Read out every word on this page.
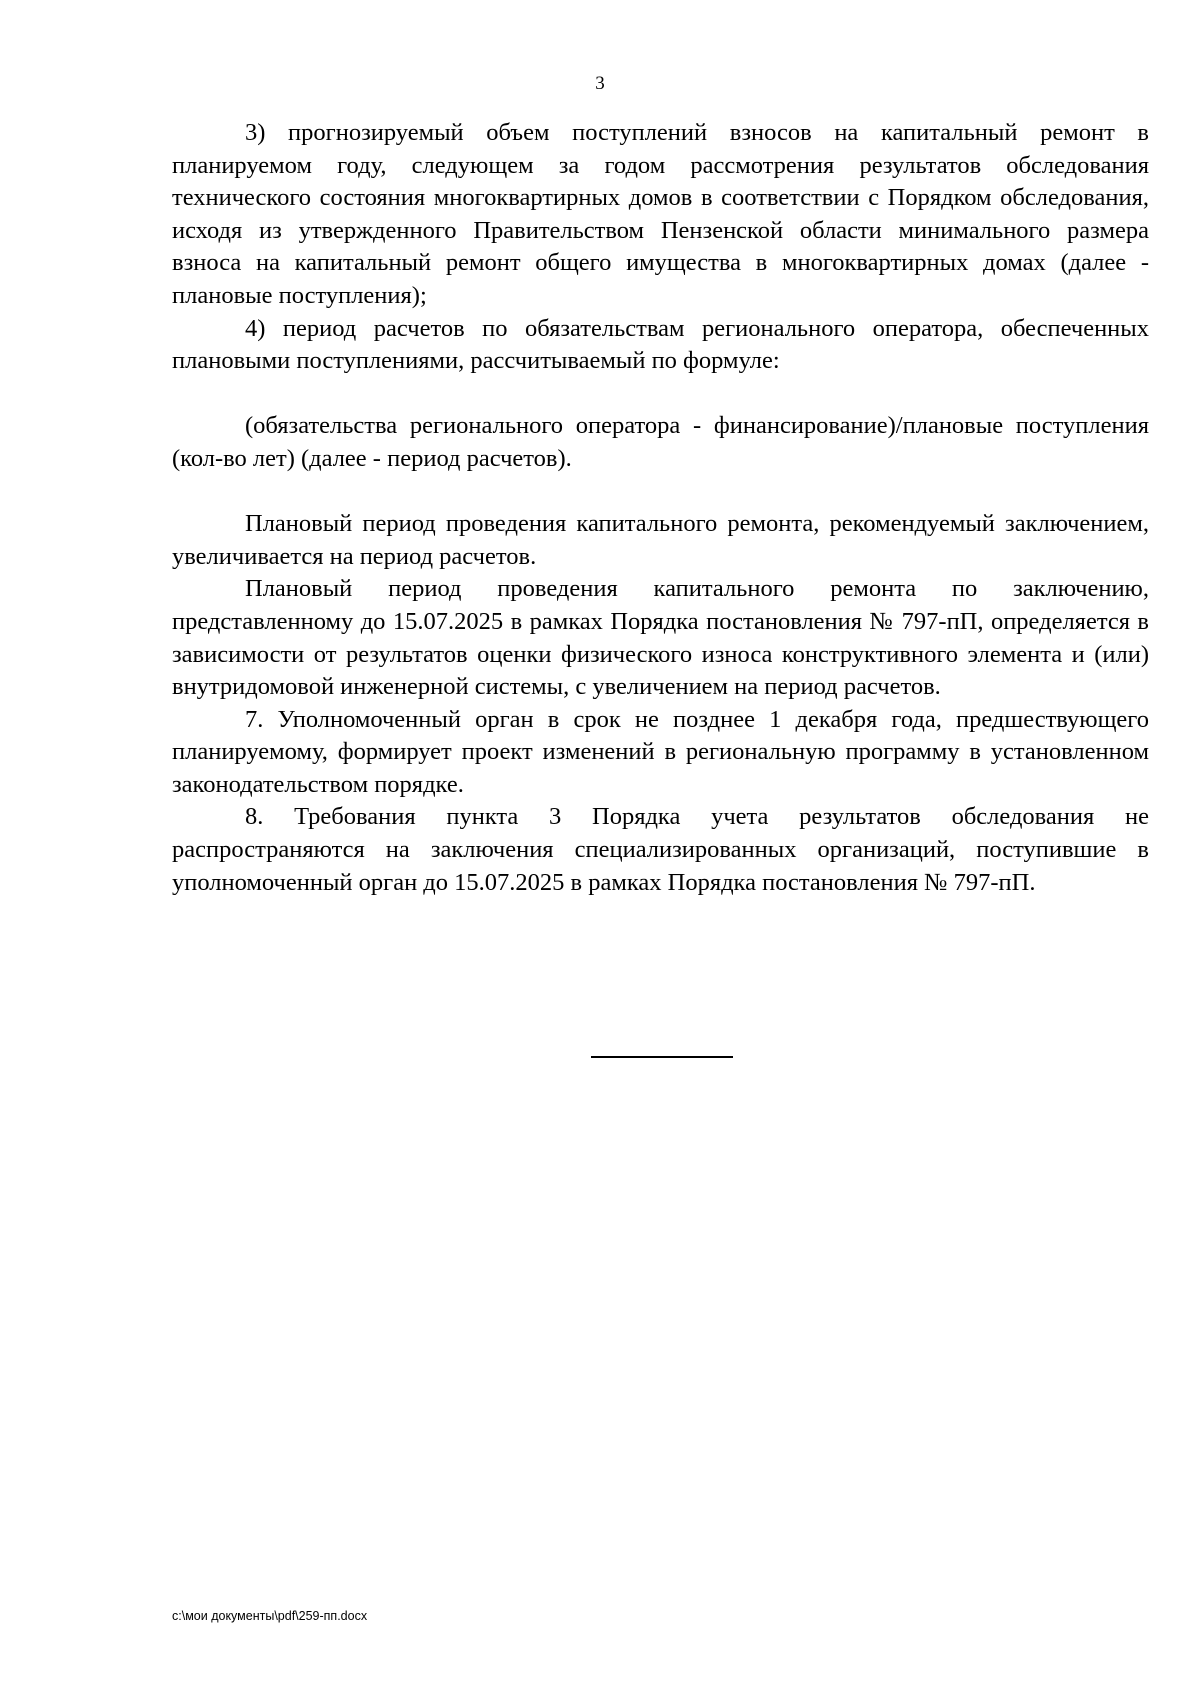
3

3) прогнозируемый объем поступлений взносов на капитальный ремонт в планируемом году, следующем за годом рассмотрения результатов обследования технического состояния многоквартирных домов в соответствии с Порядком обследования, исходя из утвержденного Правительством Пензенской области минимального размера взноса на капитальный ремонт общего имущества в многоквартирных домах (далее - плановые поступления);

4) период расчетов по обязательствам регионального оператора, обеспеченных плановыми поступлениями, рассчитываемый по формуле:

(обязательства регионального оператора - финансирование)/плановые поступления (кол-во лет) (далее - период расчетов).

Плановый период проведения капитального ремонта, рекомендуемый заключением, увеличивается на период расчетов.

Плановый период проведения капитального ремонта по заключению, представленному до 15.07.2025 в рамках Порядка постановления № 797-пП, определяется в зависимости от результатов оценки физического износа конструктивного элемента и (или) внутридомовой инженерной системы, с увеличением на период расчетов.

7. Уполномоченный орган в срок не позднее 1 декабря года, предшествующего планируемому, формирует проект изменений в региональную программу в установленном законодательством порядке.

8. Требования пункта 3 Порядка учета результатов обследования не распространяются на заключения специализированных организаций, поступившие в уполномоченный орган до 15.07.2025 в рамках Порядка постановления № 797-пП.

c:\мои документы\pdf\259-пп.docx
